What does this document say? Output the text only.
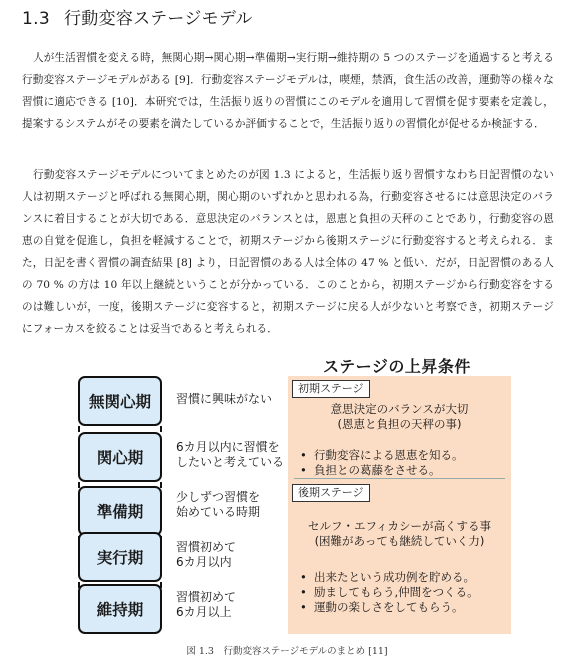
1.3 行動変容ステージモデル

人が生活習慣を変える時，無関心期→関心期→準備期→実行期→維持期の 5 つのステージを通過すると考える行動変容ステージモデルがある [9]．行動変容ステージモデルは，喫煙，禁酒，食生活の改善，運動等の様々な習慣に適応できる [10]．本研究では，生活振り返りの習慣にこのモデルを適用して習慣を促す要素を定義し，提案するシステムがその要素を満たしているか評価することで，生活振り返りの習慣化が促せるか検証する．

行動変容ステージモデルについてまとめたのが図 1.3 によると，生活振り返り習慣すなわち日記習慣のない人は初期ステージと呼ばれる無関心期，関心期のいずれかと思われる為，行動変容させるには意思決定のバランスに着目することが大切である．意思決定のバランスとは，恩恵と負担の天秤のことであり，行動変容の恩恵の自覚を促進し，負担を軽減することで，初期ステージから後期ステージに行動変容すると考えられる．また，日記を書く習慣の調査結果 [8] より，日記習慣のある人は全体の 47 % と低い．だが，日記習慣のある人の 70 % の方は 10 年以上継続ということが分かっている．このことから，初期ステージから行動変容をするのは難しいが，一度，後期ステージに変容すると，初期ステージに戻る人が少ないと考察でき，初期ステージにフォーカスを絞ることは妥当であると考えられる．

ステージの上昇条件
初期ステージ
意思決定のバランスが大切
(恩恵と負担の天秤の事)
• 行動変容による恩恵を知る。
• 負担との葛藤をさせる。
後期ステージ
セルフ・エフィカシーが高くする事
(困難があっても継続していく力)
• 出来たという成功例を貯める。
• 励ましてもらう,仲間をつくる。
• 運動の楽しさをしてもらう。
無関心期
関心期
準備期
実行期
維持期
習慣に興味がない
6カ月以内に習慣を
したいと考えている
少しずつ習慣を
始めている時期
習慣初めて
6カ月以内
習慣初めて
6カ月以上
図 1.3　行動変容ステージモデルのまとめ [11]
